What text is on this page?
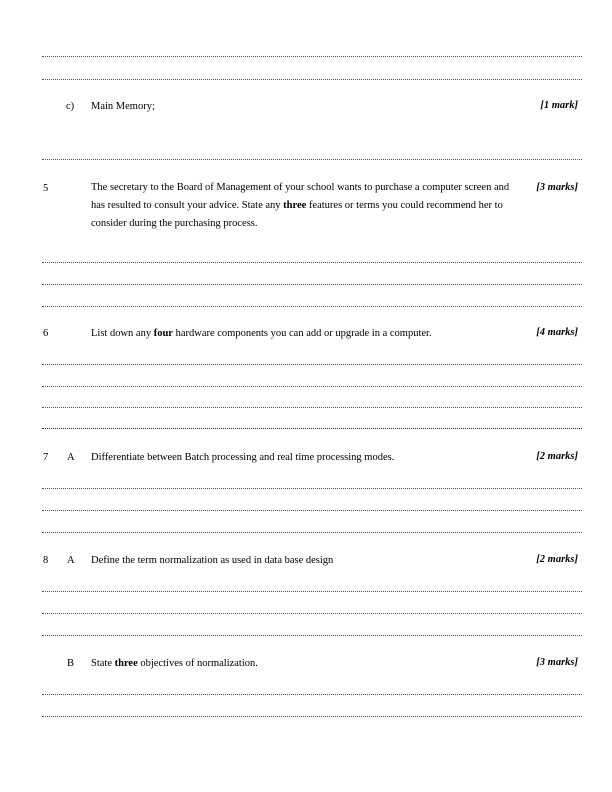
c) Main Memory;	[1 mark]
5	The secretary to the Board of Management of your school wants to purchase a computer screen and has resulted to consult your advice. State any three features or terms you could recommend her to consider during the purchasing process.
[3 marks]
6	List down any four hardware components you can add or upgrade in a computer.	[4 marks]
7 A Differentiate between Batch processing and real time processing modes.	[2 marks]
8 A Define the term normalization as used in data base design	[2 marks]
B State three objectives of normalization.	[3 marks]
